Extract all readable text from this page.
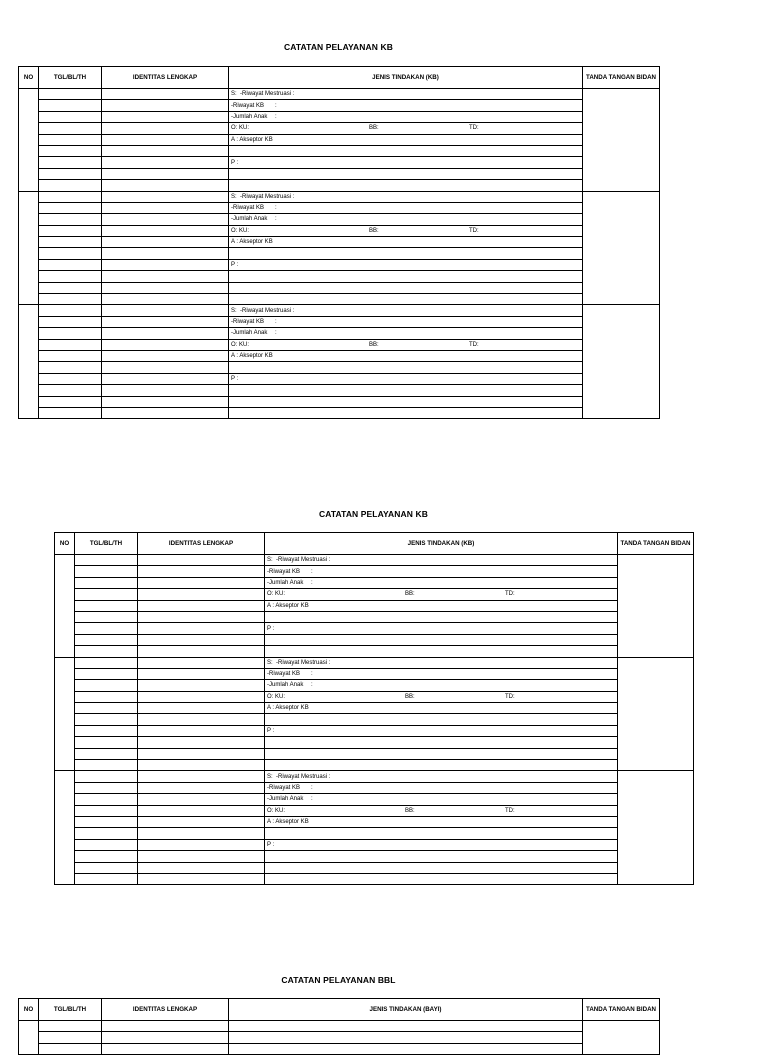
CATATAN PELAYANAN KB
NO	TGL/BL/TH	IDENTITAS LENGKAP	JENIS TINDAKAN (KB)	TANDA TANGAN BIDAN
			S: -Riwayat Mestruasi :	
			-Riwayat KB :	
			-Jumlah Anak :	
			O: KU: BB: TD:	
			A : Akseptor KB	

			P :	

			S: -Riwayat Mestruasi :	
			-Riwayat KB :	
			-Jumlah Anak :	
			O: KU: BB: TD:	
			A : Akseptor KB	

			P :	

			S: -Riwayat Mestruasi :	
			-Riwayat KB :	
			-Jumlah Anak :	
			O: KU: BB: TD:	
			A : Akseptor KB	

			P :	

CATATAN PELAYANAN KB
NO	TGL/BL/TH	IDENTITAS LENGKAP	JENIS TINDAKAN (KB)	TANDA TANGAN BIDAN
			S: -Riwayat Mestruasi :	
			-Riwayat KB :	
			-Jumlah Anak :	
			O: KU: BB: TD:	
			A : Akseptor KB	

			P :	

			S: -Riwayat Mestruasi :	
			-Riwayat KB :	
			-Jumlah Anak :	
			O: KU: BB: TD:	
			A : Akseptor KB	

			P :	

			S: -Riwayat Mestruasi :	
			-Riwayat KB :	
			-Jumlah Anak :	
			O: KU: BB: TD:	
			A : Akseptor KB	

			P :	

CATATAN PELAYANAN BBL
NO	TGL/BL/TH	IDENTITAS LENGKAP	JENIS TINDAKAN (BAYI)	TANDA TANGAN BIDAN
